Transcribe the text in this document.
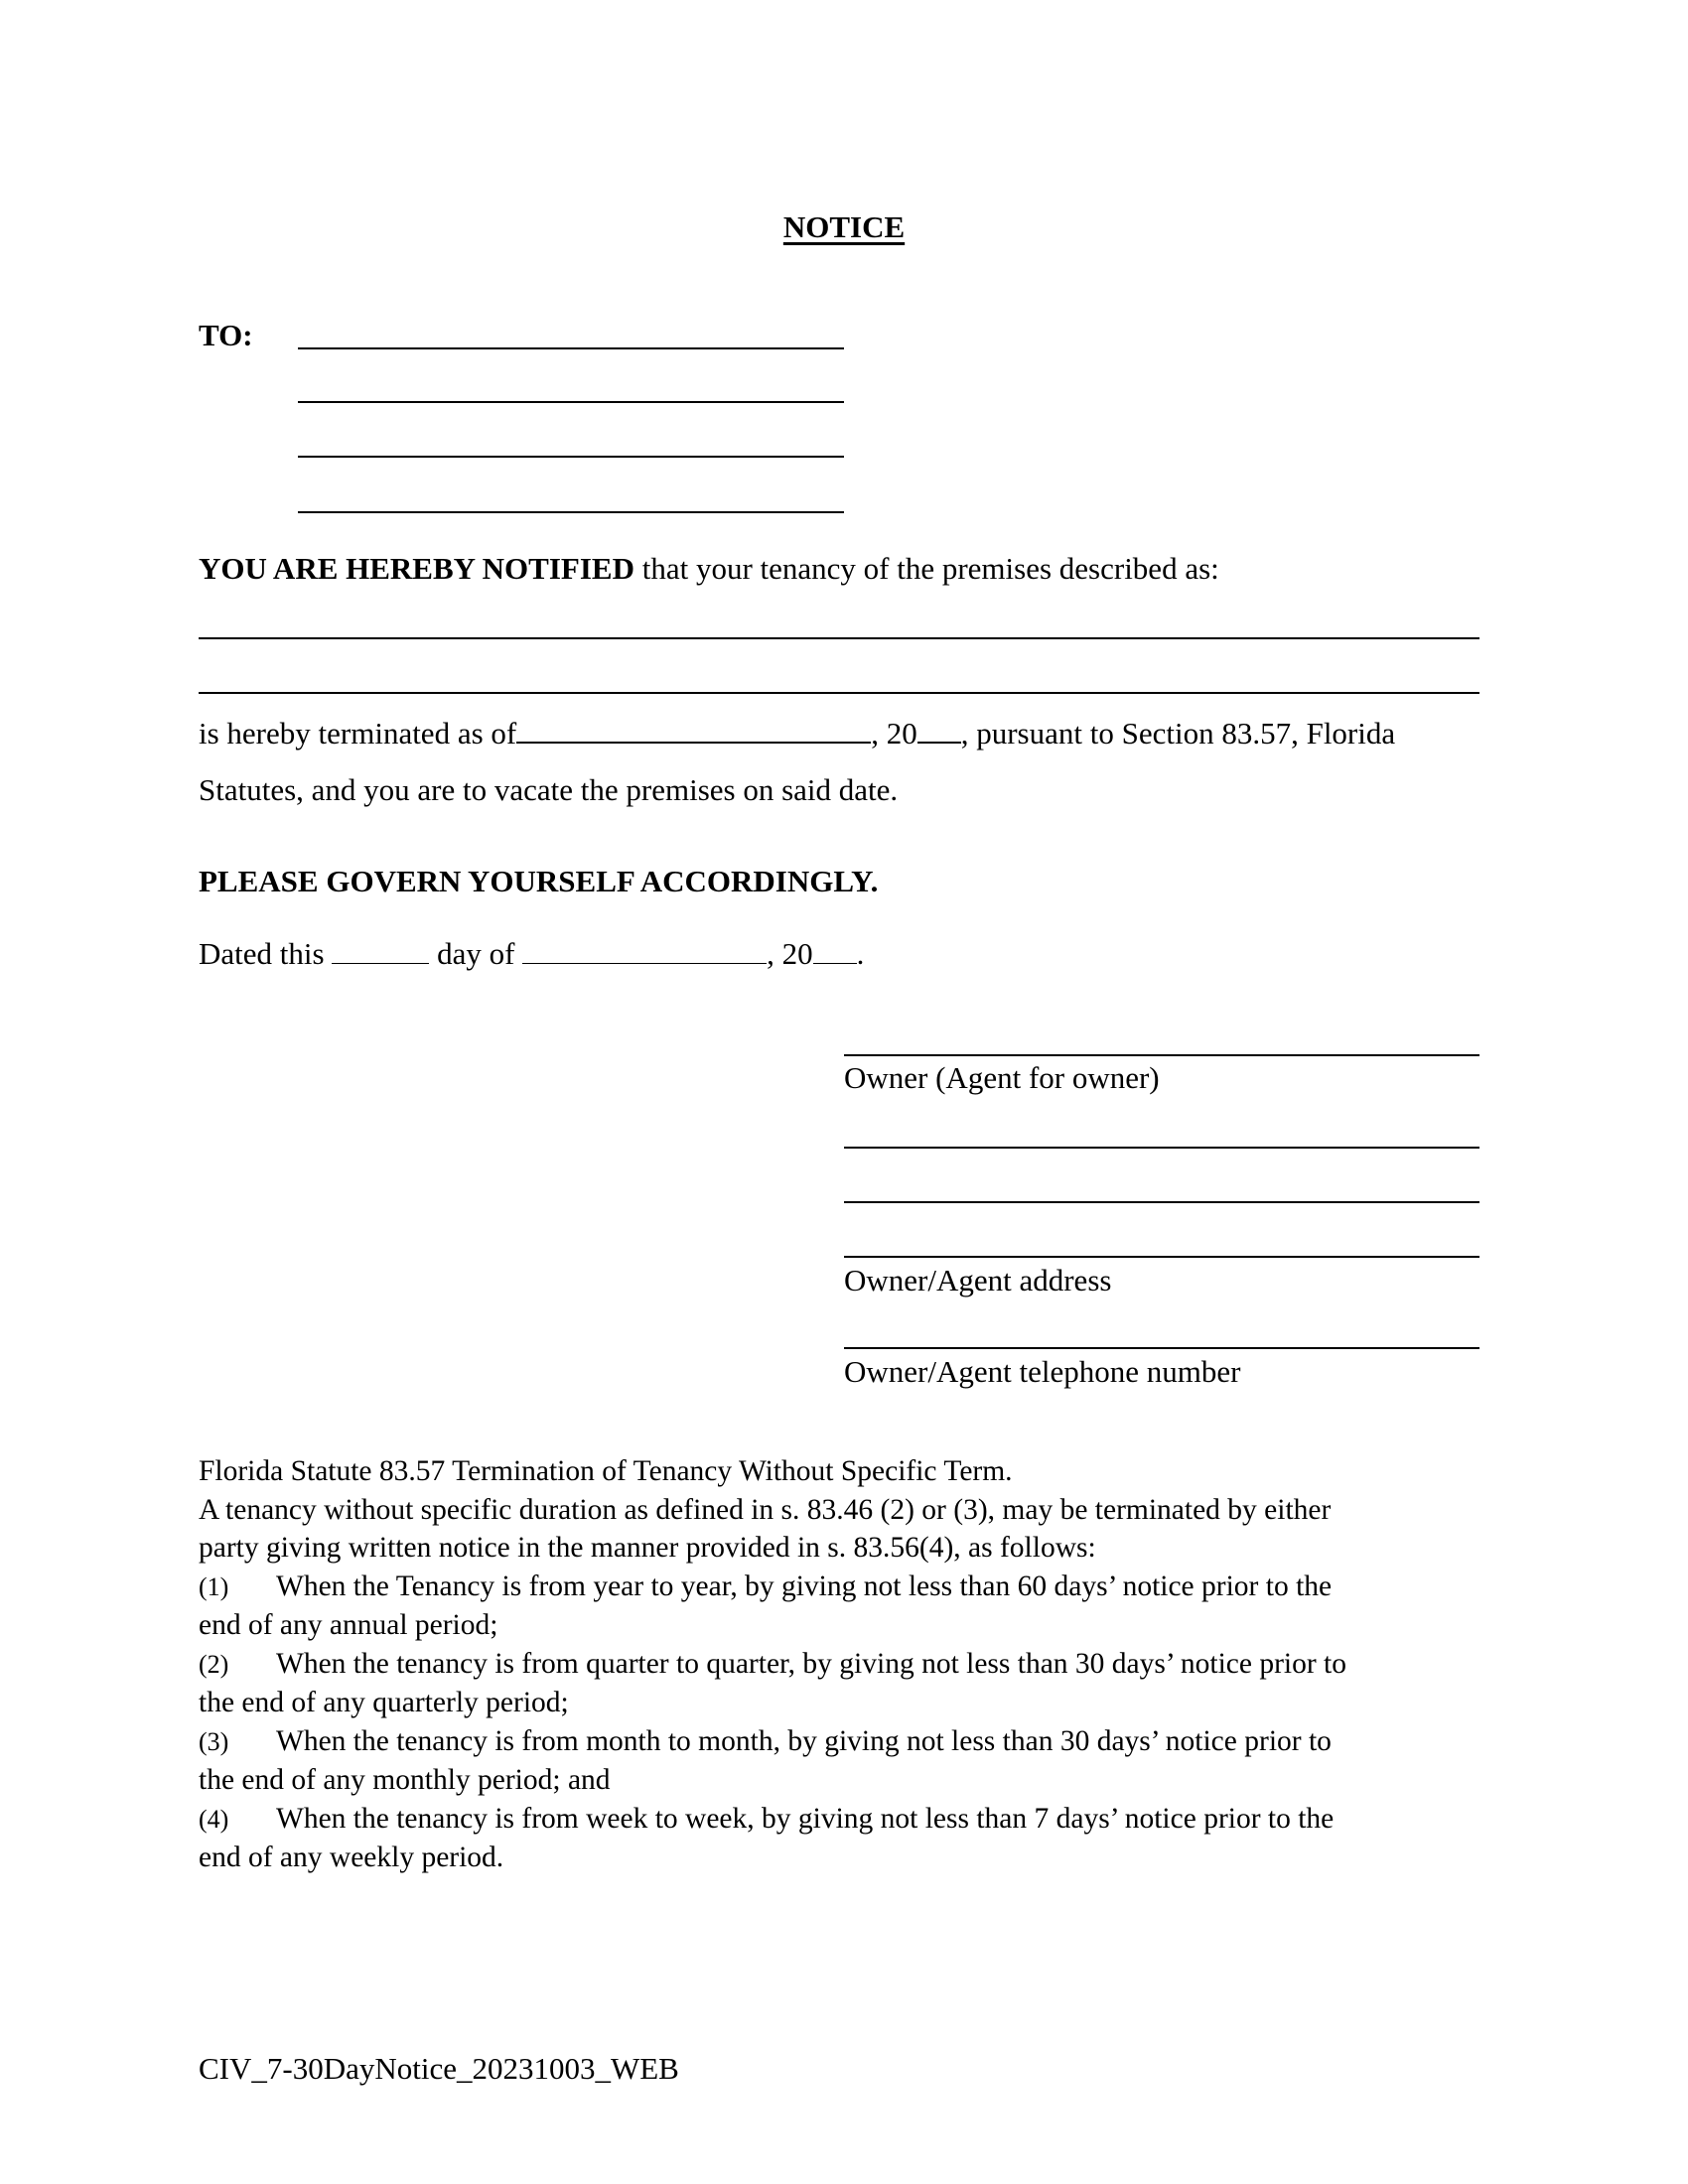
NOTICE
TO:
YOU ARE HEREBY NOTIFIED that your tenancy of the premises described as:
is hereby terminated as of	, 20 , pursuant to Section 83.57, Florida
Statutes, and you are to vacate the premises on said date.
PLEASE GOVERN YOURSELF ACCORDINGLY.
Dated this	day of	, 20 .
Owner (Agent for owner)
Owner/Agent address
Owner/Agent telephone number

Florida Statute 83.57 Termination of Tenancy Without Specific Term.

A tenancy without specific duration as defined in s. 83.46 (2) or (3), may be terminated by either

party giving written notice in the manner provided in s. 83.56(4), as follows:

(1) When the Tenancy is from year to year, by giving not less than 60 days’ notice prior to the

end of any annual period;

(2) When the tenancy is from quarter to quarter, by giving not less than 30 days’ notice prior to

the end of any quarterly period;

(3) When the tenancy is from month to month, by giving not less than 30 days’ notice prior to

the end of any monthly period; and

(4) When the tenancy is from week to week, by giving not less than 7 days’ notice prior to the

end of any weekly period.

CIV_7-30DayNotice_20231003_WEB
